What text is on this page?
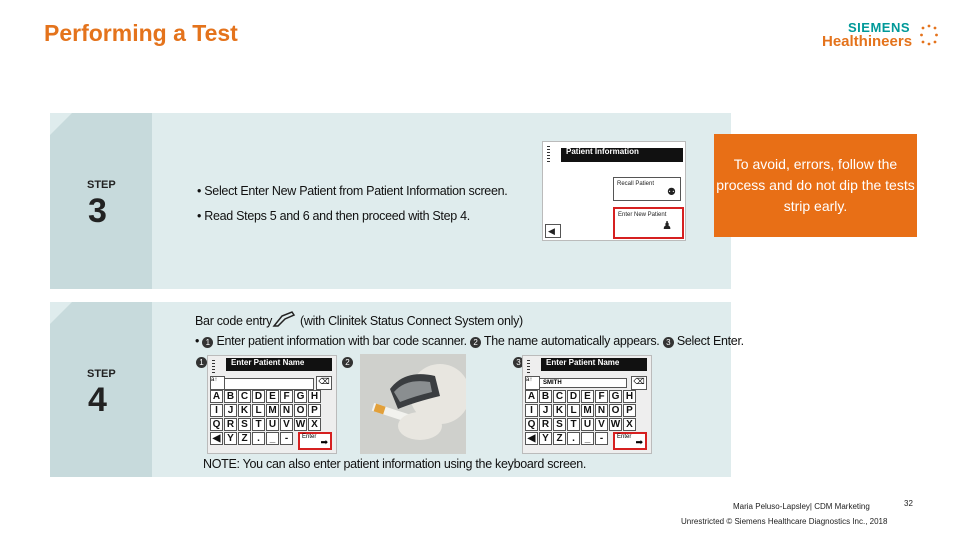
Performing a Test	SIEMENS
Healthineers
STEP
3
• Select Enter New Patient from Patient Information screen.
• Read Steps 5 and 6 and then proceed with Step 4.
Patient Information
Recall Patient
⚉
Enter New Patient
♟
◀
To avoid, errors, follow the process and do not dip the tests strip early.
STEP
4
Bar code entry (with Clinitek Status Connect System only)
• 1 Enter patient information with bar code scanner. 2 The name automatically appears. 3 Select Enter.
1	Enter Patient Name
a↑	⌫
A B C D E F G H
I J K L M N O P
Q R S T U V W X
◀ Y Z . _ -	Enter ➡
2	3	Enter Patient Name
a↑	SMITH	⌫
A B C D E F G H
I J K L M N O P
Q R S T U V W X
◀ Y Z . _ -	Enter ➡
NOTE: You can also enter patient information using the keyboard screen.
Maria Peluso-Lapsley| CDM Marketing	32
Unrestricted © Siemens Healthcare Diagnostics Inc., 2018
